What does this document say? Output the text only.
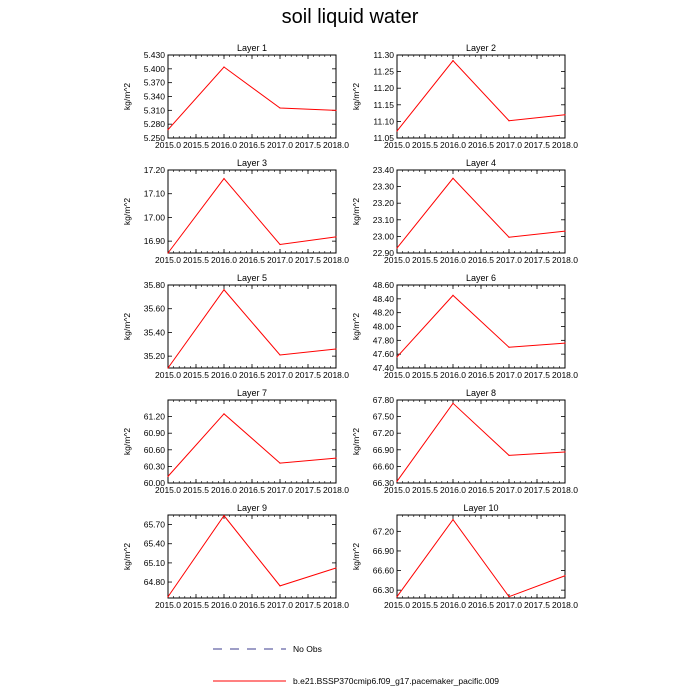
soil liquid water
Layer 1
2015.0 2015.5 2016.0 2016.5 2017.0 2017.5 2018.0
5.250
5.280
5.310
5.340
5.370
5.400
5.430
kg/m^2
Layer 2
2015.0 2015.5 2016.0 2016.5 2017.0 2017.5 2018.0
11.05
11.10
11.15
11.20
11.25
11.30
kg/m^2
Layer 3
2015.0 2015.5 2016.0 2016.5 2017.0 2017.5 2018.0
16.90
17.00
17.10
17.20
kg/m^2
Layer 4
2015.0 2015.5 2016.0 2016.5 2017.0 2017.5 2018.0
22.90
23.00
23.10
23.20
23.30
23.40
kg/m^2
Layer 5
2015.0 2015.5 2016.0 2016.5 2017.0 2017.5 2018.0
35.20
35.40
35.60
35.80
kg/m^2
Layer 6
2015.0 2015.5 2016.0 2016.5 2017.0 2017.5 2018.0
47.40
47.60
47.80
48.00
48.20
48.40
48.60
kg/m^2
Layer 7
2015.0 2015.5 2016.0 2016.5 2017.0 2017.5 2018.0
60.00
60.30
60.60
60.90
61.20
kg/m^2
Layer 8
2015.0 2015.5 2016.0 2016.5 2017.0 2017.5 2018.0
66.30
66.60
66.90
67.20
67.50
67.80
kg/m^2
Layer 9
2015.0 2015.5 2016.0 2016.5 2017.0 2017.5 2018.0
64.80
65.10
65.40
65.70
kg/m^2
Layer 10
2015.0 2015.5 2016.0 2016.5 2017.0 2017.5 2018.0
66.30
66.60
66.90
67.20
kg/m^2
No Obs
b.e21.BSSP370cmip6.f09_g17.pacemaker_pacific.009
